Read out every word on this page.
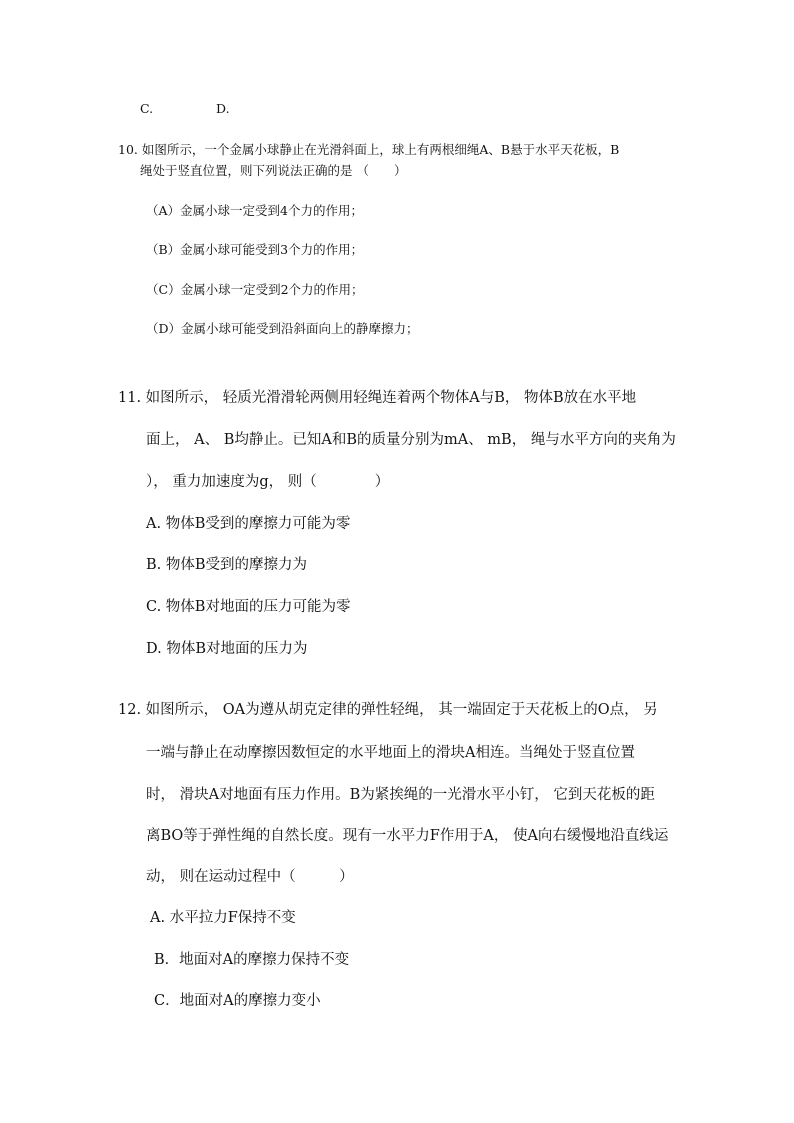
C.	D.
10. 如图所示，一个金属小球静止在光滑斜面上，球上有两根细绳A、B悬于水平天花板，B
绳处于竖直位置，则下列说法正确的是 （　　）
（A）金属小球一定受到4个力的作用；
（B）金属小球可能受到3个力的作用；
（C）金属小球一定受到2个力的作用；
（D）金属小球可能受到沿斜面向上的静摩擦力；
11. 如图所示， 轻质光滑滑轮两侧用轻绳连着两个物体A与B， 物体B放在水平地
面上， A、 B均静止。已知A和B的质量分别为mA、 mB， 绳与水平方向的夹角为
）， 重力加速度为g， 则（　　　　）
A. 物体B受到的摩擦力可能为零
B. 物体B受到的摩擦力为
C. 物体B对地面的压力可能为零
D. 物体B对地面的压力为
12. 如图所示， OA为遵从胡克定律的弹性轻绳， 其一端固定于天花板上的O点， 另
一端与静止在动摩擦因数恒定的水平地面上的滑块A相连。当绳处于竖直位置
时， 滑块A对地面有压力作用。B为紧挨绳的一光滑水平小钉， 它到天花板的距
离BO等于弹性绳的自然长度。现有一水平力F作用于A， 使A向右缓慢地沿直线运
动， 则在运动过程中（　　　）
A. 水平拉力F保持不变
B．地面对A的摩擦力保持不变
C．地面对A的摩擦力变小
